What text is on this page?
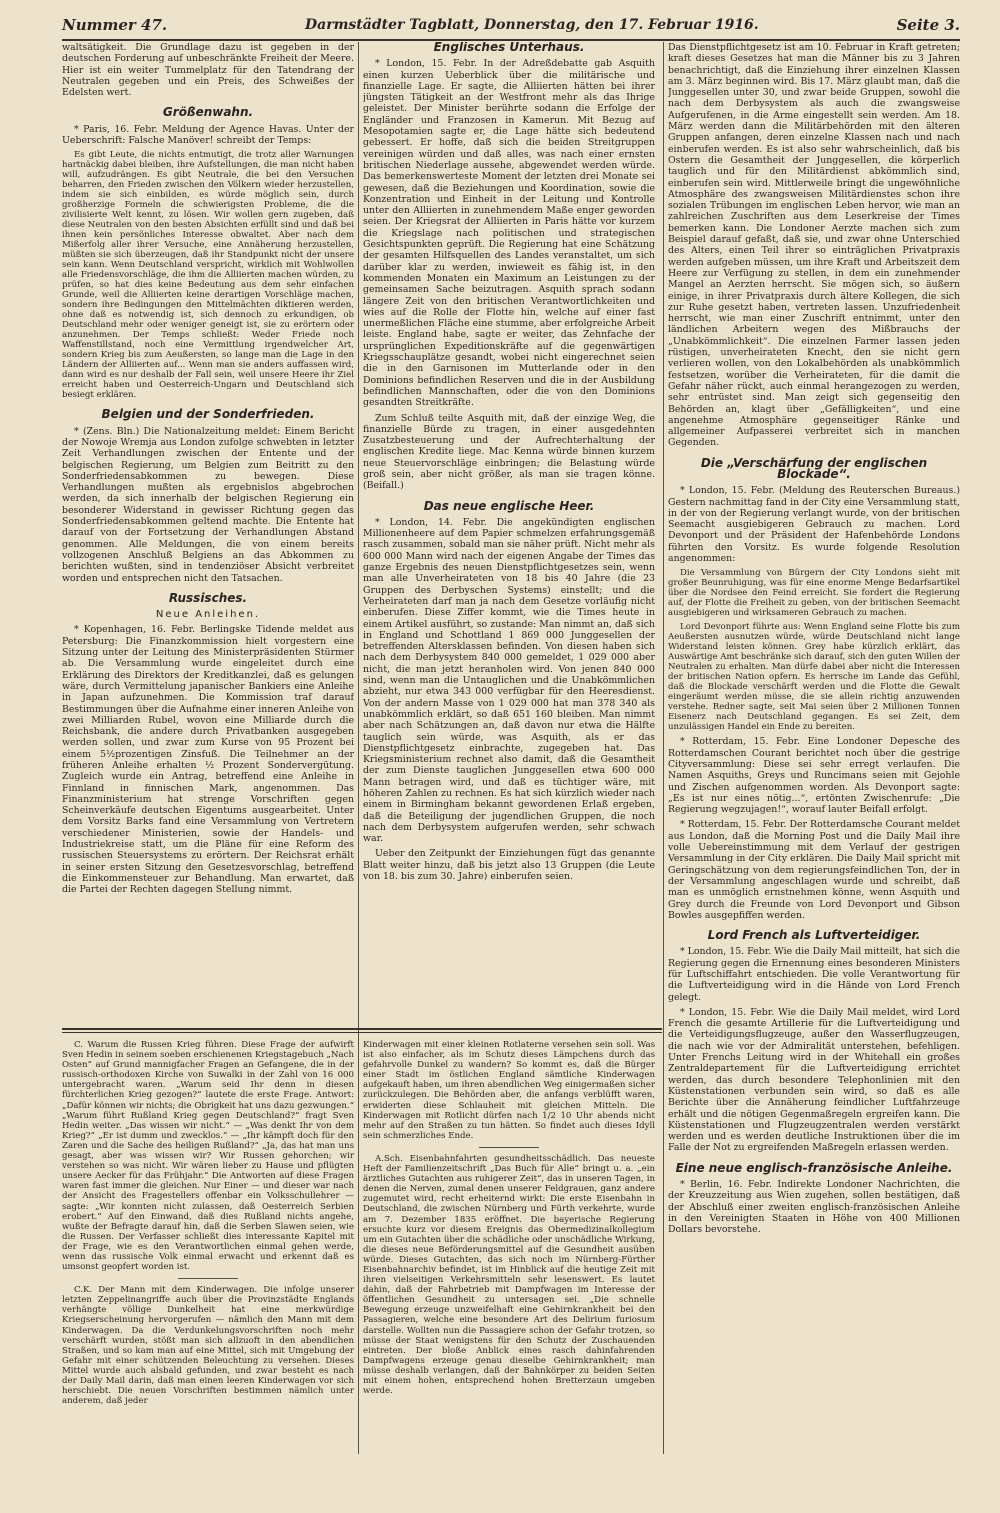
Nummer 47.	Darmstädter Tagblatt, Donnerstag, den 17. Februar 1916.	Seite 3.

waltsätigkeit. Die Grundlage dazu ist gegeben in der deutschen Forderung auf unbeschränkte Freiheit der Meere. Hier ist ein weiter Tummelplatz für den Tatendrang der Neutralen gegeben und ein Preis, des Schweißes der Edelsten wert.

Größenwahn.

* Paris, 16. Febr. Meldung der Agence Havas. Unter der Ueberschrift: Falsche Manöver! schreibt der Temps:

Es gibt Leute, die nichts entmutigt, die trotz aller Warnungen hartnäckig dabei bleiben, ihre Aufstellungen, die man nicht haben will, aufzudrängen. Es gibt Neutrale, die bei den Versuchen beharren, den Frieden zwischen den Völkern wieder herzustellen, indem sie sich einbilden, es würde möglich sein, durch großherzige Formeln die schwierigsten Probleme, die die zivilisierte Welt kennt, zu lösen. Wir wollen gern zugeben, daß diese Neutralen von den besten Absichten erfüllt sind und daß bei ihnen kein persönliches Interesse obwaltet. Aber nach dem Mißerfolg aller ihrer Versuche, eine Annäherung herzustellen, müßten sie sich überzeugen, daß ihr Standpunkt nicht der unsere sein kann. Wenn Deutschland verspricht, wirklich mit Wohlwollen alle Friedensvorschläge, die ihm die Alliierten machen würden, zu prüfen, so hat dies keine Bedeutung aus dem sehr einfachen Grunde, weil die Alliierten keine derartigen Vorschläge machen, sondern ihre Bedingungen den Mittelmächten diktieren werden, ohne daß es notwendig ist, sich dennoch zu erkundigen, ob Deutschland mehr oder weniger geneigt ist, sie zu erörtern oder anzunehmen. Der Temps schließt: Weder Friede noch Waffenstillstand, noch eine Vermittlung irgendwelcher Art, sondern Krieg bis zum Aeußersten, so lange man die Lage in den Ländern der Alliierten auf... Wenn man sie anders auffassen wird, dann wird es nur deshalb der Fall sein, weil unsere Heere ihr Ziel erreicht haben und Oesterreich-Ungarn und Deutschland sich besiegt erklären.

Belgien und der Sonderfrieden.

* (Zens. Bln.) Die Nationalzeitung meldet: Einem Bericht der Nowoje Wremja aus London zufolge schwebten in letzter Zeit Verhandlungen zwischen der Entente und der belgischen Regierung, um Belgien zum Beitritt zu den Sonderfriedensabkommen zu bewegen. Diese Verhandlungen mußten als ergebnislos abgebrochen werden, da sich innerhalb der belgischen Regierung ein besonderer Widerstand in gewisser Richtung gegen das Sonderfriedensabkommen geltend machte. Die Entente hat darauf von der Fortsetzung der Verhandlungen Abstand genommen. Alle Meldungen, die von einem bereits vollzogenen Anschluß Belgiens an das Abkommen zu berichten wußten, sind in tendenziöser Absicht verbreitet worden und entsprechen nicht den Tatsachen.

Russisches.
Neue Anleihen.

* Kopenhagen, 16. Febr. Berlingske Tidende meldet aus Petersburg: Die Finanzkommission hielt vorgestern eine Sitzung unter der Leitung des Ministerpräsidenten Stürmer ab. Die Versammlung wurde eingeleitet durch eine Erklärung des Direktors der Kreditkanzlei, daß es gelungen wäre, durch Vermittelung japanischer Bankiers eine Anleihe in Japan aufzunehmen. Die Kommission traf darauf Bestimmungen über die Aufnahme einer inneren Anleihe von zwei Milliarden Rubel, wovon eine Milliarde durch die Reichsbank, die andere durch Privatbanken ausgegeben werden sollen, und zwar zum Kurse von 95 Prozent bei einem 5½prozentigen Zinsfuß. Die Teilnehmer an der früheren Anleihe erhalten ½ Prozent Sondervergütung. Zugleich wurde ein Antrag, betreffend eine Anleihe in Finnland in finnischen Mark, angenommen. Das Finanzministerium hat strenge Vorschriften gegen Scheinverkäufe deutschen Eigentums ausgearbeitet. Unter dem Vorsitz Barks fand eine Versammlung von Vertretern verschiedener Ministerien, sowie der Handels- und Industriekreise statt, um die Pläne für eine Reform des russischen Steuersystems zu erörtern. Der Reichsrat erhält in seiner ersten Sitzung den Gesetzesvorschlag, betreffend die Einkommensteuer zur Behandlung. Man erwartet, daß die Partei der Rechten dagegen Stellung nimmt.

Englisches Unterhaus.

* London, 15. Febr. In der Adreßdebatte gab Asquith einen kurzen Ueberblick über die militärische und finanzielle Lage. Er sagte, die Alliierten hätten bei ihrer jüngsten Tätigkeit an der Westfront mehr als das Ihrige geleistet. Der Minister berührte sodann die Erfolge der Engländer und Franzosen in Kamerun. Mit Bezug auf Mesopotamien sagte er, die Lage hätte sich bedeutend gebessert. Er hoffe, daß sich die beiden Streitgruppen vereinigen würden und daß alles, was nach einer ernsten britischen Niederlage aussehe, abgewendet werden würde. Das bemerkenswerteste Moment der letzten drei Monate sei gewesen, daß die Beziehungen und Koordination, sowie die Konzentration und Einheit in der Leitung und Kontrolle unter den Alliierten in zunehmendem Maße enger geworden seien. Der Kriegsrat der Alliierten in Paris hätte vor kurzem die Kriegslage nach politischen und strategischen Gesichtspunkten geprüft. Die Regierung hat eine Schätzung der gesamten Hilfsquellen des Landes veranstaltet, um sich darüber klar zu werden, inwieweit es fähig ist, in den kommenden Monaten ein Maximum an Leistungen zu der gemeinsamen Sache beizutragen. Asquith sprach sodann längere Zeit von den britischen Verantwortlichkeiten und wies auf die Rolle der Flotte hin, welche auf einer fast unermeßlichen Fläche eine stumme, aber erfolgreiche Arbeit leiste. England habe, sagte er weiter, das Zehnfache der ursprünglichen Expeditionskräfte auf die gegenwärtigen Kriegsschauplätze gesandt, wobei nicht eingerechnet seien die in den Garnisonen im Mutterlande oder in den Dominions befindlichen Reserven und die in der Ausbildung befindlichen Mannschaften, oder die von den Dominions gesandten Streitkräfte.

Zum Schluß teilte Asquith mit, daß der einzige Weg, die finanzielle Bürde zu tragen, in einer ausgedehnten Zusatzbesteuerung und der Aufrechterhaltung der englischen Kredite liege. Mac Kenna würde binnen kurzem neue Steuervorschläge einbringen; die Belastung würde groß sein, aber nicht größer, als man sie tragen könne. (Beifall.)

Das neue englische Heer.

* London, 14. Febr. Die angekündigten englischen Millionenheere auf dem Papier schmelzen erfahrungsgemäß rasch zusammen, sobald man sie näher prüft. Nicht mehr als 600 000 Mann wird nach der eigenen Angabe der Times das ganze Ergebnis des neuen Dienstpflichtgesetzes sein, wenn man alle Unverheirateten von 18 bis 40 Jahre (die 23 Gruppen des Derbyschen Systems) einstellt; und die Verheirateten darf man ja nach dem Gesetze vorläufig nicht einberufen. Diese Ziffer kommt, wie die Times heute in einem Artikel ausführt, so zustande: Man nimmt an, daß sich in England und Schottland 1 869 000 Junggesellen der betreffenden Altersklassen befinden. Von diesen haben sich nach dem Derbysystem 840 000 gemeldet, 1 029 000 aber nicht, die man jetzt heranholen wird. Von jenen 840 000 sind, wenn man die Untauglichen und die Unabkömmlichen abzieht, nur etwa 343 000 verfügbar für den Heeresdienst. Von der andern Masse von 1 029 000 hat man 378 340 als unabkömmlich erklärt, so daß 651 160 bleiben. Man nimmt aber nach Schätzungen an, daß davon nur etwa die Hälfte tauglich sein würde, was Asquith, als er das Dienstpflichtgesetz einbrachte, zugegeben hat. Das Kriegsministerium rechnet also damit, daß die Gesamtheit der zum Dienste tauglichen Junggesellen etwa 600 000 Mann betragen wird, und daß es tüchtiger wäre, mit höheren Zahlen zu rechnen. Es hat sich kürzlich wieder nach einem in Birmingham bekannt gewordenen Erlaß ergeben, daß die Beteiligung der jugendlichen Gruppen, die noch nach dem Derbysystem aufgerufen werden, sehr schwach war.

Ueber den Zeitpunkt der Einziehungen fügt das genannte Blatt weiter hinzu, daß bis jetzt also 13 Gruppen (die Leute von 18. bis zum 30. Jahre) einberufen seien.

Das Dienstpflichtgesetz ist am 10. Februar in Kraft getreten; kraft dieses Gesetzes hat man die Männer bis zu 3 Jahren benachrichtigt, daß die Einziehung ihrer einzelnen Klassen am 3. März beginnen wird. Bis 17. März glaubt man, daß die Junggesellen unter 30, und zwar beide Gruppen, sowohl die nach dem Derbysystem als auch die zwangsweise Aufgerufenen, in die Arme eingestellt sein werden. Am 18. März werden dann die Militärbehörden mit den älteren Gruppen anfangen, deren einzelne Klassen nach und nach einberufen werden. Es ist also sehr wahrscheinlich, daß bis Ostern die Gesamtheit der Junggesellen, die körperlich tauglich und für den Militärdienst abkömmlich sind, einberufen sein wird. Mittlerweile bringt die ungewöhnliche Atmosphäre des zwangsweisen Militärdienstes schon ihre sozialen Trübungen im englischen Leben hervor, wie man an zahlreichen Zuschriften aus dem Leserkreise der Times bemerken kann. Die Londoner Aerzte machen sich zum Beispiel darauf gefaßt, daß sie, und zwar ohne Unterschied des Alters, einen Teil ihrer so einträglichen Privatpraxis werden aufgeben müssen, um ihre Kraft und Arbeitszeit dem Heere zur Verfügung zu stellen, in dem ein zunehmender Mangel an Aerzten herrscht. Sie mögen sich, so äußern einige, in ihrer Privatpraxis durch ältere Kollegen, die sich zur Ruhe gesetzt haben, vertreten lassen. Unzufriedenheit herrscht, wie man einer Zuschrift entnimmt, unter den ländlichen Arbeitern wegen des Mißbrauchs der „Unabkömmlichkeit“. Die einzelnen Farmer lassen jeden rüstigen, unverheirateten Knecht, den sie nicht gern verlieren wollen, von den Lokalbehörden als unabkömmlich festsetzen, worüber die Verheirateten, für die damit die Gefahr näher rückt, auch einmal herangezogen zu werden, sehr entrüstet sind. Man zeigt sich gegenseitig den Behörden an, klagt über „Gefälligkeiten“, und eine angenehme Atmosphäre gegenseitiger Ränke und allgemeiner Aufpasserei verbreitet sich in manchen Gegenden.

Die „Verschärfung der englischen Blockade“.

* London, 15. Febr. (Meldung des Reuterschen Bureaus.) Gestern nachmittag fand in der City eine Versammlung statt, in der von der Regierung verlangt wurde, von der britischen Seemacht ausgiebigeren Gebrauch zu machen. Lord Devonport und der Präsident der Hafenbehörde Londons führten den Vorsitz. Es wurde folgende Resolution angenommen:

Die Versammlung von Bürgern der City Londons sieht mit großer Beunruhigung, was für eine enorme Menge Bedarfsartikel über die Nordsee den Feind erreicht. Sie fordert die Regierung auf, der Flotte die Freiheit zu geben, von der britischen Seemacht ausgiebigeren und wirksameren Gebrauch zu machen.

Lord Devonport führte aus: Wenn England seine Flotte bis zum Aeußersten ausnutzen würde, würde Deutschland nicht lange Widerstand leisten können. Grey habe kürzlich erklärt, das Auswärtige Amt beschränke sich darauf, sich den guten Willen der Neutralen zu erhalten. Man dürfe dabei aber nicht die Interessen der britischen Nation opfern. Es herrsche im Lande das Gefühl, daß die Blockade verschärft werden und die Flotte die Gewalt eingeräumt werden müsse, die sie allein richtig anzuwenden verstehe. Redner sagte, seit Mai seien über 2 Millionen Tonnen Eisenerz nach Deutschland gegangen. Es sei Zeit, dem unzulässigen Handel ein Ende zu bereiten.

* Rotterdam, 15. Febr. Eine Londoner Depesche des Rotterdamschen Courant berichtet noch über die gestrige Cityversammlung: Diese sei sehr erregt verlaufen. Die Namen Asquiths, Greys und Runcimans seien mit Gejohle und Zischen aufgenommen worden. Als Devonport sagte: „Es ist nur eines nötig...“, ertönten Zwischenrufe: „Die Regierung wegzujagen!“, worauf lauter Beifall erfolgt.

* Rotterdam, 15. Febr. Der Rotterdamsche Courant meldet aus London, daß die Morning Post und die Daily Mail ihre volle Uebereinstimmung mit dem Verlauf der gestrigen Versammlung in der City erklären. Die Daily Mail spricht mit Geringschätzung von dem regierungsfeindlichen Ton, der in der Versammlung angeschlagen wurde und schreibt, daß man es unmöglich ernstnehmen könne, wenn Asquith und Grey durch die Freunde von Lord Devonport und Gibson Bowles ausgepfiffen werden.

Lord French als Luftverteidiger.

* London, 15. Febr. Wie die Daily Mail mitteilt, hat sich die Regierung gegen die Ernennung eines besonderen Ministers für Luftschiffahrt entschieden. Die volle Verantwortung für die Luftverteidigung wird in die Hände von Lord French gelegt.

* London, 15. Febr. Wie die Daily Mail meldet, wird Lord French die gesamte Artillerie für die Luftverteidigung und die Verteidigungsflugzeuge, außer den Wasserflugzeugen, die nach wie vor der Admiralität unterstehen, befehligen. Unter Frenchs Leitung wird in der Whitehall ein großes Zentraldepartement für die Luftverteidigung errichtet werden, das durch besondere Telephonlinien mit den Küstenstationen verbunden sein wird, so daß es alle Berichte über die Annäherung feindlicher Luftfahrzeuge erhält und die nötigen Gegenmaßregeln ergreifen kann. Die Küstenstationen und Flugzeugzentralen werden verstärkt werden und es werden deutliche Instruktionen über die im Falle der Not zu ergreifenden Maßregeln erlassen werden.

Eine neue englisch-französische Anleihe.

* Berlin, 16. Febr. Indirekte Londoner Nachrichten, die der Kreuzzeitung aus Wien zugehen, sollen bestätigen, daß der Abschluß einer zweiten englisch-französischen Anleihe in den Vereinigten Staaten in Höhe von 400 Millionen Dollars bevorstehe.

C. Warum die Russen Krieg führen. Diese Frage der aufwirft Sven Hedin in seinem soeben erschienenen Kriegstagebuch „Nach Osten“ auf Grund mannigfacher Fragen an Gefangene, die in der russisch-orthodoxen Kirche von Suwalki in der Zahl von 16 000 untergebracht waren. „Warum seid Ihr denn in diesen fürchterlichen Krieg gezogen?“ lautete die erste Frage. Antwort: „Dafür können wir nichts; die Obrigkeit hat uns dazu gezwungen.“ „Warum führt Rußland Krieg gegen Deutschland?“ fragt Sven Hedin weiter. „Das wissen wir nicht.“ — „Was denkt Ihr von dem Krieg?“ „Er ist dumm und zwecklos.“ — „Ihr kämpft doch für den Zaren und die Sache des heiligen Rußland?“ „Ja, das hat man uns gesagt, aber was wissen wir? Wir Russen gehorchen; wir verstehen so was nicht. Wir wären lieber zu Hause und pflügten unsere Aecker für das Frühjahr.“ Die Antworten auf diese Fragen waren fast immer die gleichen. Nur Einer — und dieser war nach der Ansicht des Fragestellers offenbar ein Volksschullehrer — sagte: „Wir konnten nicht zulassen, daß Oesterreich Serbien erobert.“ Auf den Einwand, daß dies Rußland nichts angehe, wußte der Befragte darauf hin, daß die Serben Slawen seien, wie die Russen. Der Verfasser schließt dies interessante Kapitel mit der Frage, wie es den Verantwortlichen einmal gehen werde, wenn das russische Volk einmal erwacht und erkennt daß es umsonst geopfert worden ist.

C.K. Der Mann mit dem Kinderwagen. Die infolge unserer letzten Zeppelinangriffe auch über die Provinzstädte Englands verhängte völlige Dunkelheit hat eine merkwürdige Kriegserscheinung hervorgerufen — nämlich den Mann mit dem Kinderwagen. Da die Verdunkelungsvorschriften noch mehr verschärft wurden, stößt man sich allzuoft in den abendlichen Straßen, und so kam man auf eine Mittel, sich mit Umgebung der Gefahr mit einer schützenden Beleuchtung zu versehen. Dieses Mittel wurde auch alsbald gefunden, und zwar besteht es nach der Daily Mail darin, daß man einen leeren Kinderwagen vor sich herschiebt. Die neuen Vorschriften bestimmen nämlich unter anderem, daß jeder

Kinderwagen mit einer kleinen Rotlaterne versehen sein soll. Was ist also einfacher, als im Schutz dieses Lämpchens durch das gefahrvolle Dunkel zu wandern? So kommt es, daß die Bürger einer Stadt im östlichen England sämtliche Kinderwagen aufgekauft haben, um ihren abendlichen Weg einigermaßen sicher zurückzulegen. Die Behörden aber, die anfangs verblüfft waren, erwiderten diese Schlauheit mit gleichen Mitteln. Die Kinderwagen mit Rotlicht dürfen nach 1/2 10 Uhr abends nicht mehr auf den Straßen zu tun hätten. So findet auch dieses Idyll sein schmerzliches Ende.

A.Sch. Eisenbahnfahrten gesundheitsschädlich. Das neueste Heft der Familienzeitschrift „Das Buch für Alle“ bringt u. a. „ein ärztliches Gutachten aus ruhigerer Zeit“, das in unseren Tagen, in denen die Nerven, zumal denen unserer Feldgrauen, ganz andere zugemutet wird, recht erheiternd wirkt: Die erste Eisenbahn in Deutschland, die zwischen Nürnberg und Fürth verkehrte, wurde am 7. Dezember 1835 eröffnet. Die bayerische Regierung ersuchte kurz vor diesem Ereignis das Obermedizinalkollegium um ein Gutachten über die schädliche oder unschädliche Wirkung, die dieses neue Beförderungsmittel auf die Gesundheit ausüben würde. Dieses Gutachten, das sich noch im Nürnberg-Fürther Eisenbahnarchiv befindet, ist im Hinblick auf die heutige Zeit mit ihren vielseitigen Verkehrsmitteln sehr lesenswert. Es lautet dahin, daß der Fahrbetrieb mit Dampfwagen im Interesse der öffentlichen Gesundheit zu untersagen sei. „Die schnelle Bewegung erzeuge unzweifelhaft eine Gehirnkrankheit bei den Passagieren, welche eine besondere Art des Delirium furiosum darstelle. Wollten nun die Passagiere schon der Gefahr trotzen, so müsse der Staat wenigstens für den Schutz der Zuschauenden eintreten. Der bloße Anblick eines rasch dahinfahrenden Dampfwagens erzeuge genau dieselbe Gehirnkrankheit; man müsse deshalb verlangen, daß der Bahnkörper zu beiden Seiten mit einem hohen, entsprechend hohen Bretterzaun umgeben werde.
